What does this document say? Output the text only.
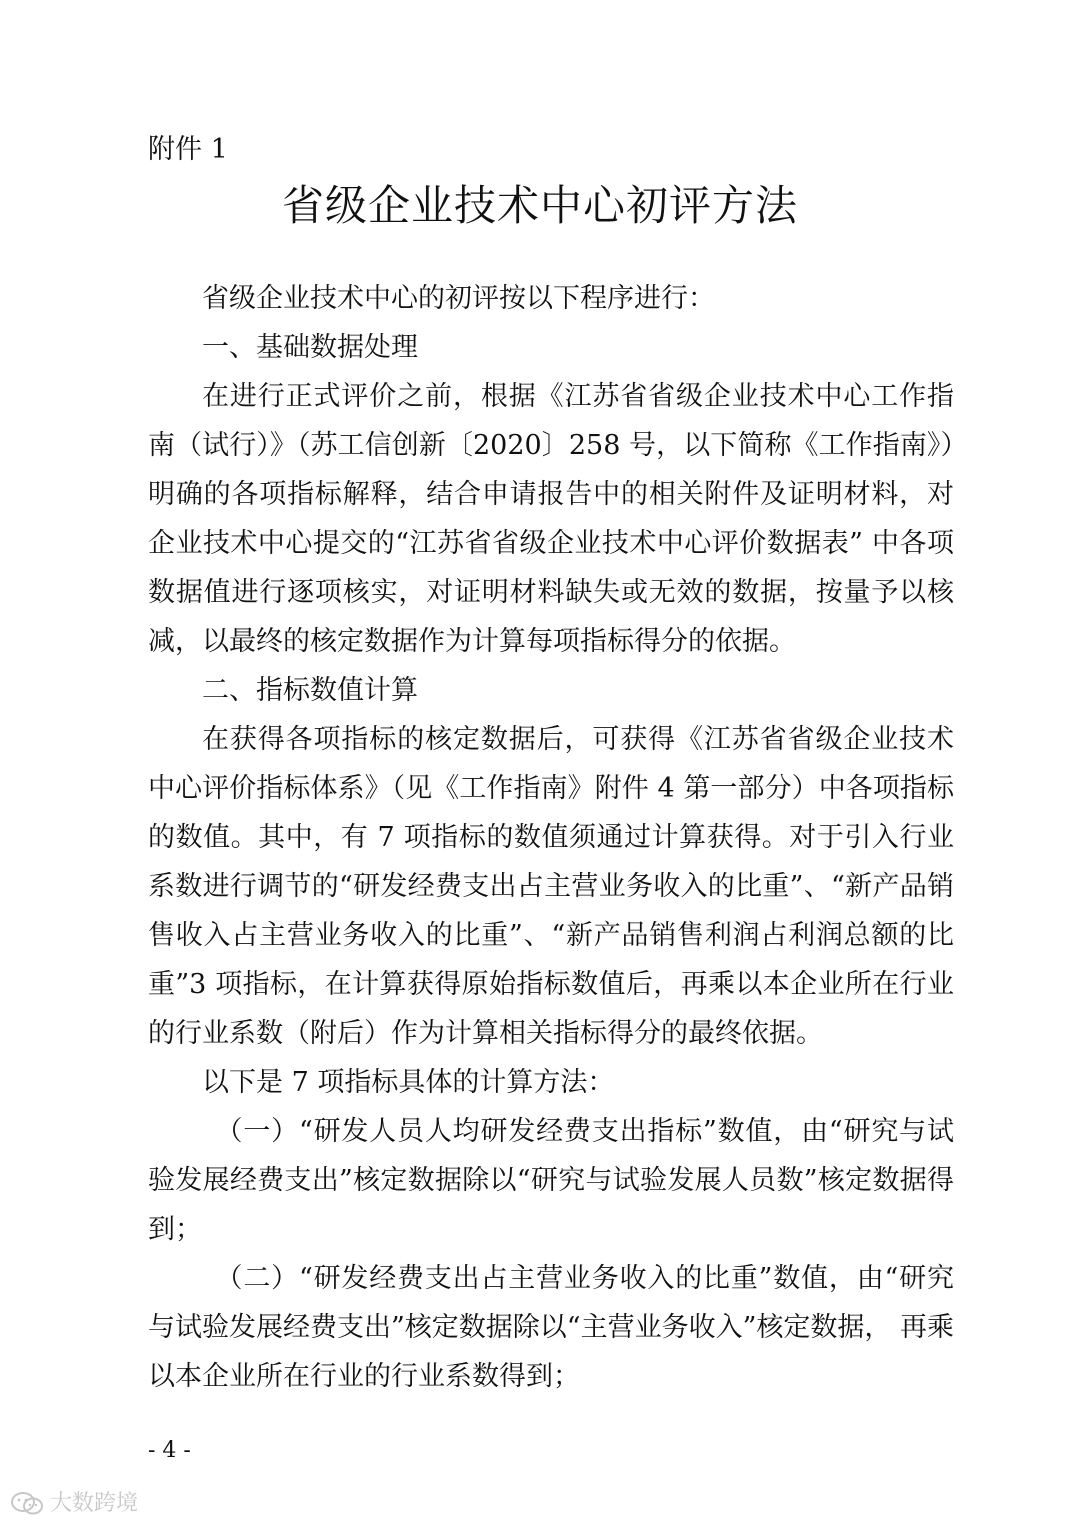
附件 1
省级企业技术中心初评方法

省级企业技术中心的初评按以下程序进行：

一、基础数据处理

在进行正式评价之前，根据《江苏省省级企业技术中心工作指南（试行）》（苏工信创新〔2020〕258 号，以下简称《工作指南》）明确的各项指标解释，结合申请报告中的相关附件及证明材料，对企业技术中心提交的“江苏省省级企业技术中心评价数据表” 中各项数据值进行逐项核实，对证明材料缺失或无效的数据，按量予以核减，以最终的核定数据作为计算每项指标得分的依据。

二、指标数值计算

在获得各项指标的核定数据后，可获得《江苏省省级企业技术中心评价指标体系》（见《工作指南》附件 4 第一部分）中各项指标的数值。其中，有 7 项指标的数值须通过计算获得。对于引入行业系数进行调节的“研发经费支出占主营业务收入的比重”、“新产品销售收入占主营业务收入的比重”、“新产品销售利润占利润总额的比重”3 项指标，在计算获得原始指标数值后，再乘以本企业所在行业的行业系数（附后）作为计算相关指标得分的最终依据。

以下是 7 项指标具体的计算方法：

（一）“研发人员人均研发经费支出指标”数值，由“研究与试验发展经费支出”核定数据除以“研究与试验发展人员数”核定数据得到；

（二）“研发经费支出占主营业务收入的比重”数值，由“研究与试验发展经费支出”核定数据除以“主营业务收入”核定数据， 再乘以本企业所在行业的行业系数得到；

- 4 -
大数跨境
